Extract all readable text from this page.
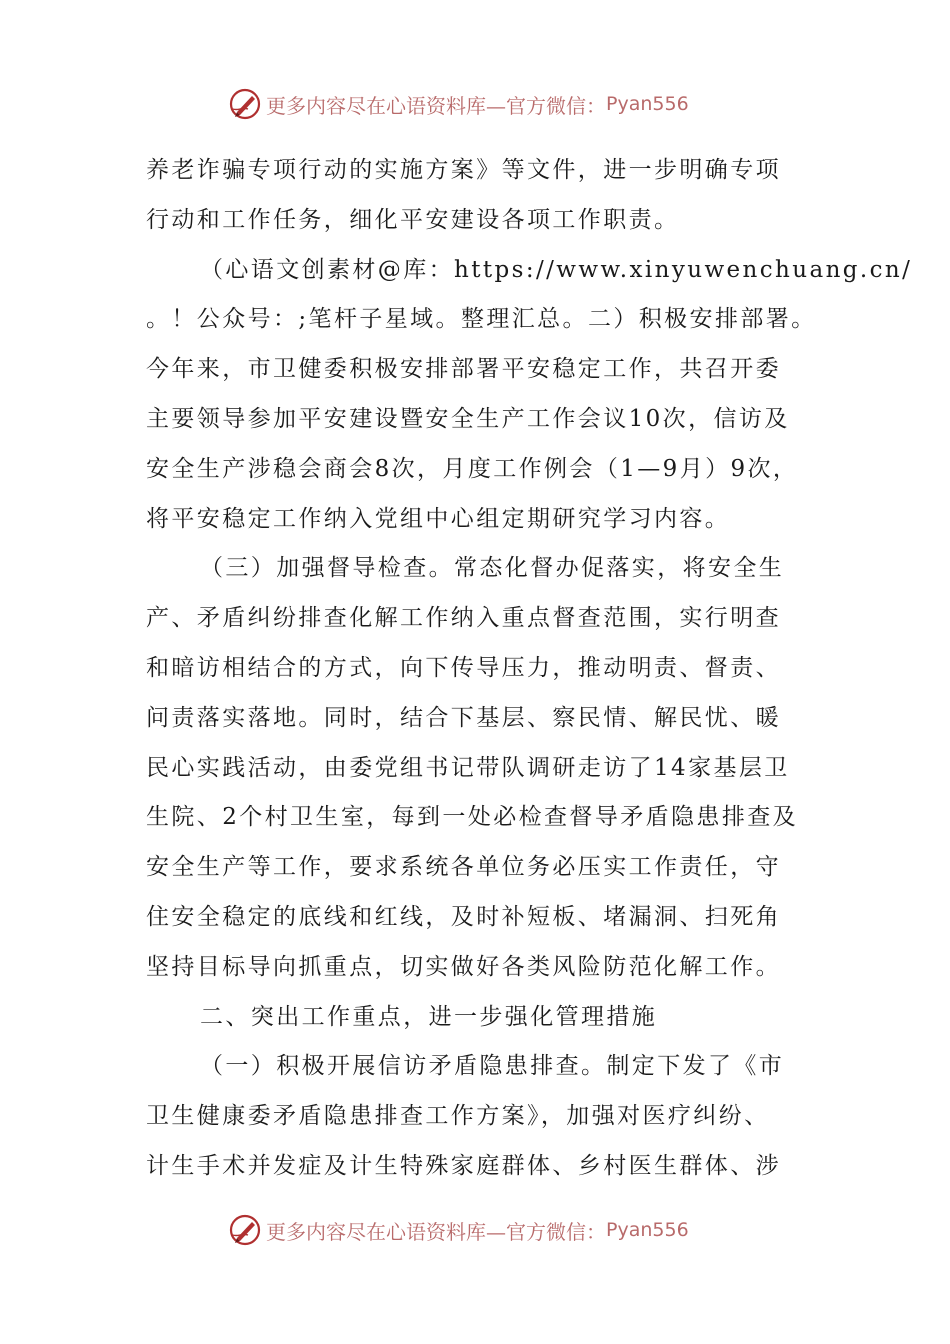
更多内容尽在心语资料库—官方微信： Pyan556
养老诈骗专项行动的实施方案》等文件，进一步明确专项
行动和工作任务，细化平安建设各项工作职责。
（心语文创素材@库：https://www.xinyuwenchuang.cn/
。！公众号：;笔杆子星域。整理汇总。二）积极安排部署。
今年来，市卫健委积极安排部署平安稳定工作，共召开委
主要领导参加平安建设暨安全生产工作会议10次，信访及
安全生产涉稳会商会8次，月度工作例会（1—9月）9次，
将平安稳定工作纳入党组中心组定期研究学习内容。
（三）加强督导检查。常态化督办促落实，将安全生
产、矛盾纠纷排查化解工作纳入重点督查范围，实行明查
和暗访相结合的方式，向下传导压力，推动明责、督责、
问责落实落地。同时，结合下基层、察民情、解民忧、暖
民心实践活动，由委党组书记带队调研走访了14家基层卫
生院、2个村卫生室，每到一处必检查督导矛盾隐患排查及
安全生产等工作，要求系统各单位务必压实工作责任，守
住安全稳定的底线和红线，及时补短板、堵漏洞、扫死角
坚持目标导向抓重点，切实做好各类风险防范化解工作。
二、突出工作重点，进一步强化管理措施
（一）积极开展信访矛盾隐患排查。制定下发了《市
卫生健康委矛盾隐患排查工作方案》，加强对医疗纠纷、
计生手术并发症及计生特殊家庭群体、乡村医生群体、涉
更多内容尽在心语资料库—官方微信： Pyan556
